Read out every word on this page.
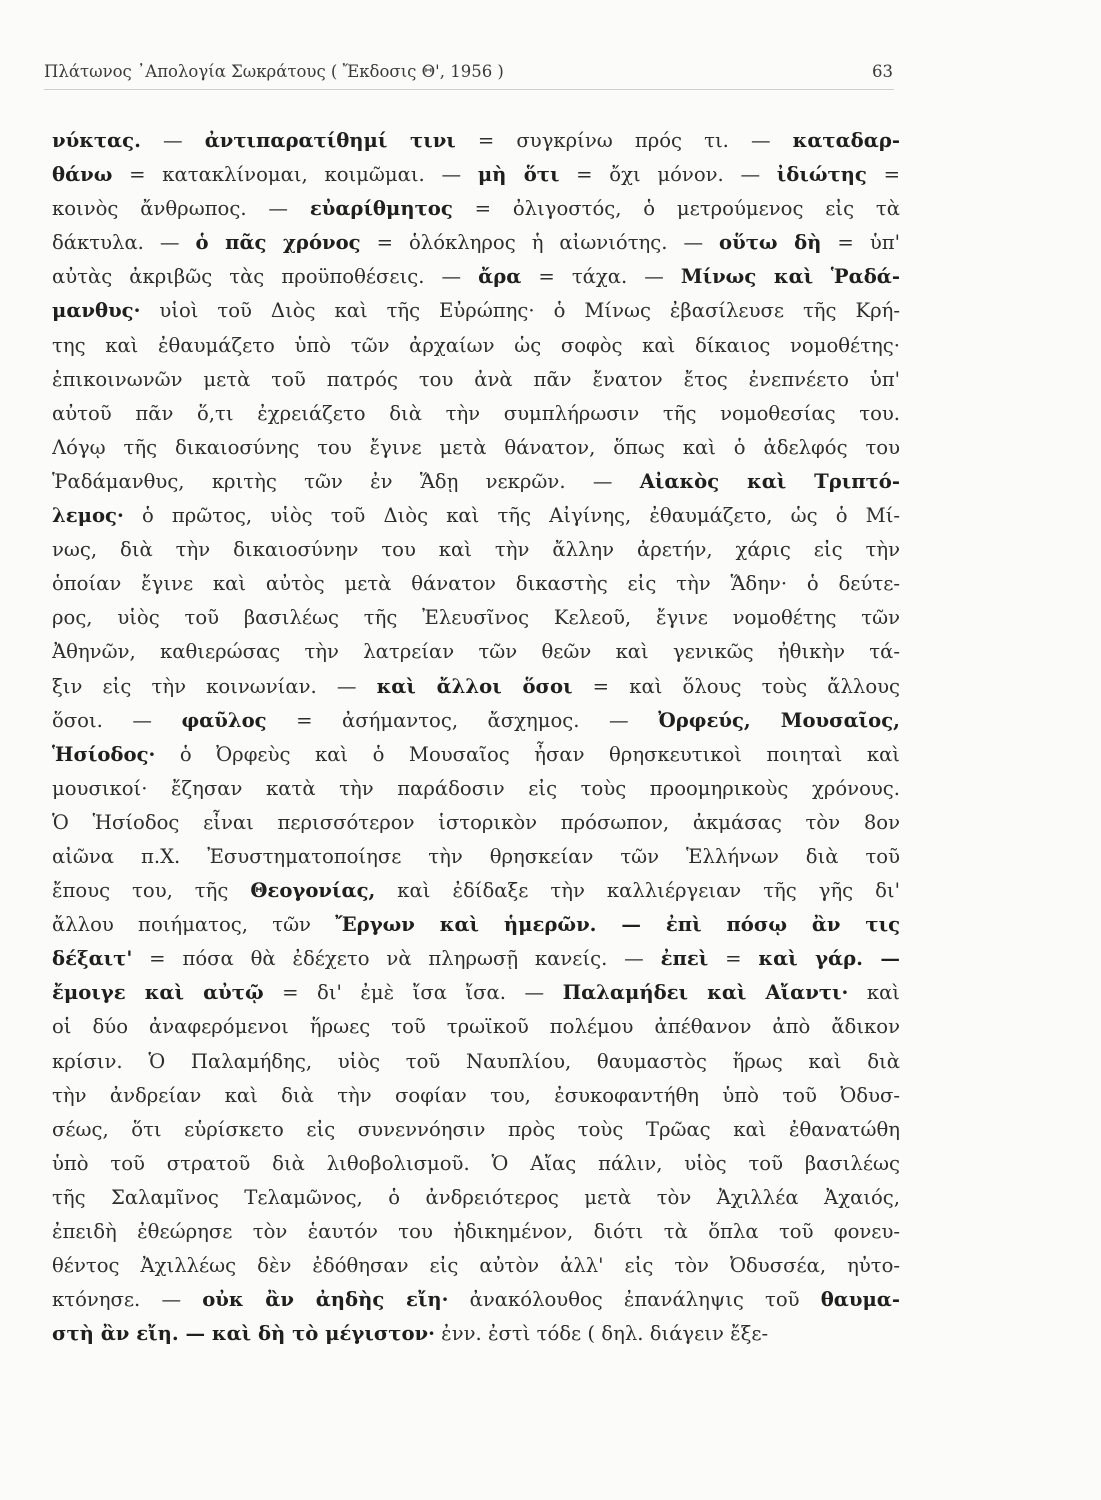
Πλάτωνος ᾿Απολογία Σωκράτους ( Ἔκδοσις Θ', 1956 )	63
νύκτας. — ἀντιπαρατίθημί τινι = συγκρίνω πρός τι. — καταδαρ-
θάνω = κατακλίνομαι, κοιμῶμαι. — μὴ ὅτι = ὄχι μόνον. — ἰδιώτης =
κοινὸς ἄνθρωπος. — εὐαρίθμητος = ὀλιγοστός, ὁ μετρούμενος εἰς τὰ
δάκτυλα. — ὁ πᾶς χρόνος = ὁλόκληρος ἡ αἰωνιότης. — οὕτω δὴ = ὑπ'
αὐτὰς ἀκριβῶς τὰς προϋποθέσεις. — ἄρα = τάχα. — Μίνως καὶ Ῥαδά-
μανθυς· υἱοὶ τοῦ Διὸς καὶ τῆς Εὐρώπης· ὁ Μίνως ἐβασίλευσε τῆς Κρή-
της καὶ ἐθαυμάζετο ὑπὸ τῶν ἀρχαίων ὡς σοφὸς καὶ δίκαιος νομοθέτης·
ἐπικοινωνῶν μετὰ τοῦ πατρός του ἀνὰ πᾶν ἔνατον ἔτος ἐνεπνέετο ὑπ'
αὐτοῦ πᾶν ὅ,τι ἐχρειάζετο διὰ τὴν συμπλήρωσιν τῆς νομοθεσίας του.
Λόγῳ τῆς δικαιοσύνης του ἔγινε μετὰ θάνατον, ὅπως καὶ ὁ ἀδελφός του
Ῥαδάμανθυς, κριτὴς τῶν ἐν Ἅδῃ νεκρῶν. — Αἰακὸς καὶ Τριπτό-
λεμος· ὁ πρῶτος, υἱὸς τοῦ Διὸς καὶ τῆς Αἰγίνης, ἐθαυμάζετο, ὡς ὁ Μί-
νως, διὰ τὴν δικαιοσύνην του καὶ τὴν ἄλλην ἀρετήν, χάρις εἰς τὴν
ὁποίαν ἔγινε καὶ αὐτὸς μετὰ θάνατον δικαστὴς εἰς τὴν Ἅδην· ὁ δεύτε-
ρος, υἱὸς τοῦ βασιλέως τῆς Ἐλευσῖνος Κελεοῦ, ἔγινε νομοθέτης τῶν
Ἀθηνῶν, καθιερώσας τὴν λατρείαν τῶν θεῶν καὶ γενικῶς ἠθικὴν τά-
ξιν εἰς τὴν κοινωνίαν. — καὶ ἄλλοι ὅσοι = καὶ ὅλους τοὺς ἄλλους
ὅσοι. — φαῦλος = ἀσήμαντος, ἄσχημος. — Ὀρφεύς, Μουσαῖος,
Ἡσίοδος· ὁ Ὀρφεὺς καὶ ὁ Μουσαῖος ἦσαν θρησκευτικοὶ ποιηταὶ καὶ
μουσικοί· ἔζησαν κατὰ τὴν παράδοσιν εἰς τοὺς προομηρικοὺς χρόνους.
Ὁ Ἡσίοδος εἶναι περισσότερον ἱστορικὸν πρόσωπον, ἀκμάσας τὸν 8ον
αἰῶνα π.Χ. Ἐσυστηματοποίησε τὴν θρησκείαν τῶν Ἑλλήνων διὰ τοῦ
ἔπους του, τῆς Θεογονίας, καὶ ἐδίδαξε τὴν καλλιέργειαν τῆς γῆς δι'
ἄλλου ποιήματος, τῶν Ἔργων καὶ ἡμερῶν. — ἐπὶ πόσῳ ἂν τις
δέξαιτ' = πόσα θὰ ἐδέχετο νὰ πληρωσῇ κανείς. — ἐπεὶ = καὶ γάρ. —
ἔμοιγε καὶ αὐτῷ = δι' ἐμὲ ἴσα ἴσα. — Παλαμήδει καὶ Αἴαντι· καὶ
οἱ δύο ἀναφερόμενοι ἥρωες τοῦ τρωϊκοῦ πολέμου ἀπέθανον ἀπὸ ἄδικον
κρίσιν. Ὁ Παλαμήδης, υἱὸς τοῦ Ναυπλίου, θαυμαστὸς ἥρως καὶ διὰ
τὴν ἀνδρείαν καὶ διὰ τὴν σοφίαν του, ἐσυκοφαντήθη ὑπὸ τοῦ Ὀδυσ-
σέως, ὅτι εὑρίσκετο εἰς συνεννόησιν πρὸς τοὺς Τρῶας καὶ ἐθανατώθη
ὑπὸ τοῦ στρατοῦ διὰ λιθοβολισμοῦ. Ὁ Αἴας πάλιν, υἱὸς τοῦ βασιλέως
τῆς Σαλαμῖνος Τελαμῶνος, ὁ ἀνδρειότερος μετὰ τὸν Ἀχιλλέα Ἀχαιός,
ἐπειδὴ ἐθεώρησε τὸν ἑαυτόν του ἠδικημένον, διότι τὰ ὅπλα τοῦ φονευ-
θέντος Ἀχιλλέως δὲν ἐδόθησαν εἰς αὐτὸν ἀλλ' εἰς τὸν Ὀδυσσέα, ηὐτο-
κτόνησε. — οὐκ ἂν ἀηδὴς εἴη· ἀνακόλουθος ἐπανάληψις τοῦ θαυμα-
στὴ ἂν εἴη. — καὶ δὴ τὸ μέγιστον· ἐνν. ἐστὶ τόδε ( δηλ. διάγειν ἔξε-
